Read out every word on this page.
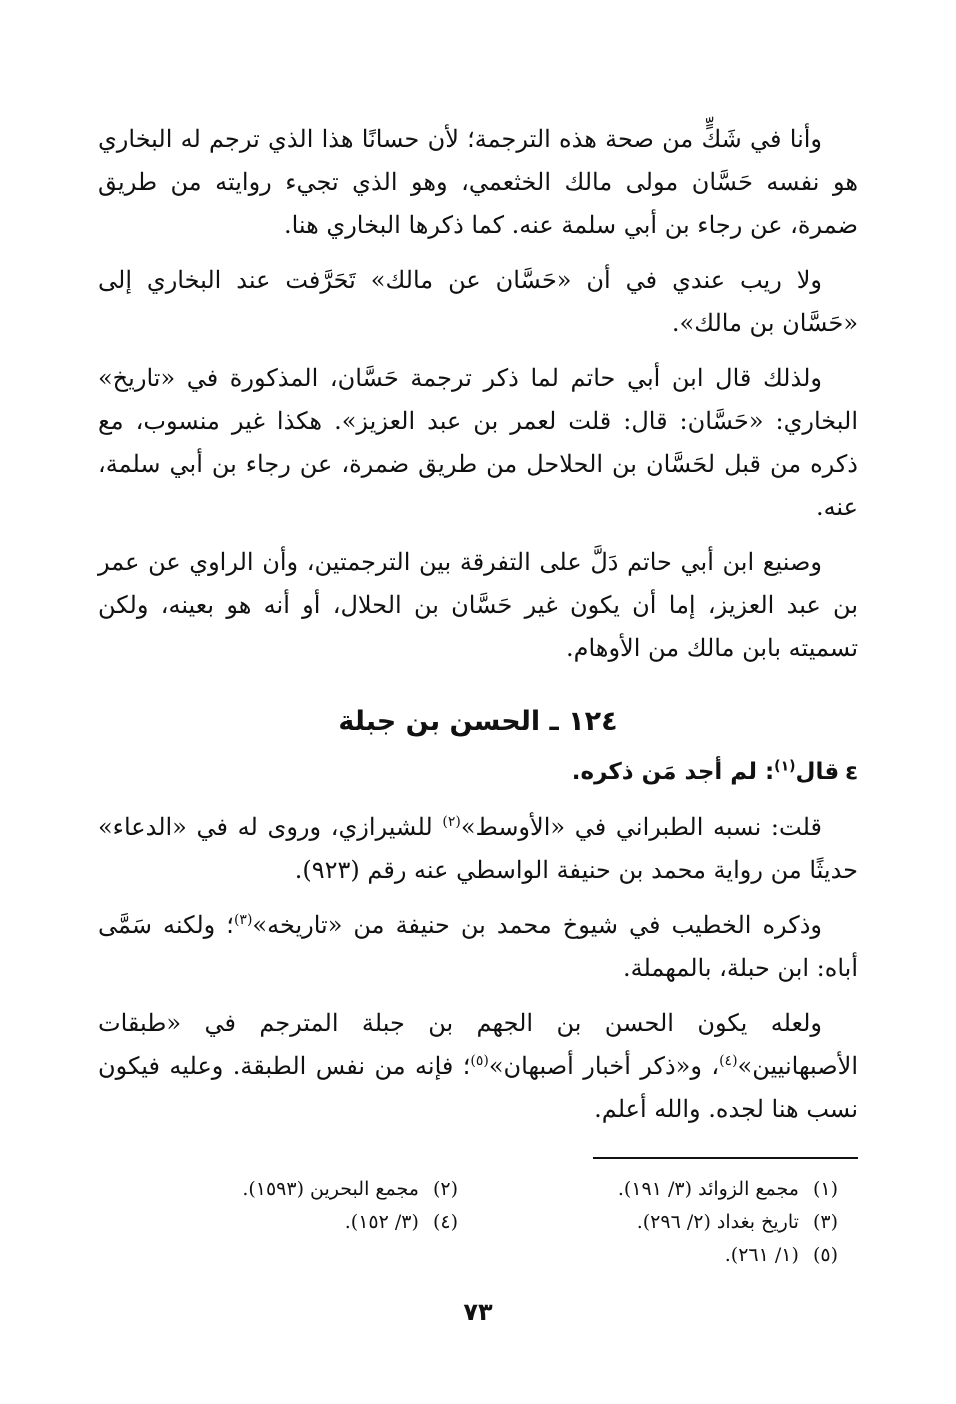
وأنا في شَكٍّ من صحة هذه الترجمة؛ لأن حسانًا هذا الذي ترجم له البخاري هو نفسه حَسَّان مولى مالك الخثعمي، وهو الذي تجيء روايته من طريق ضمرة، عن رجاء بن أبي سلمة عنه. كما ذكرها البخاري هنا.

ولا ريب عندي في أن «حَسَّان عن مالك» تَحَرَّفت عند البخاري إلى «حَسَّان بن مالك».

ولذلك قال ابن أبي حاتم لما ذكر ترجمة حَسَّان، المذكورة في «تاريخ» البخاري: «حَسَّان: قال: قلت لعمر بن عبد العزيز». هكذا غير منسوب، مع ذكره من قبل لحَسَّان بن الحلاحل من طريق ضمرة، عن رجاء بن أبي سلمة، عنه.

وصنيع ابن أبي حاتم دَلَّ على التفرقة بين الترجمتين، وأن الراوي عن عمر بن عبد العزيز، إما أن يكون غير حَسَّان بن الحلال، أو أنه هو بعينه، ولكن تسميته بابن مالك من الأوهام.

١٢٤ ـ الحسن بن جبلة
εقال$^{(١)}$: لم أجد مَن ذكره.

قلت: نسبه الطبراني في «الأوسط»$^{(٢)}$ للشيرازي، وروى له في «الدعاء» حديثًا من رواية محمد بن حنيفة الواسطي عنه رقم (٩٢٣).

وذكره الخطيب في شيوخ محمد بن حنيفة من «تاريخه»$^{(٣)}$؛ ولكنه سَمَّى أباه: ابن حبلة، بالمهملة.

ولعله يكون الحسن بن الجهم بن جبلة المترجم في «طبقات الأصبهانيين»$^{(٤)}$، و«ذكر أخبار أصبهان»$^{(٥)}$؛ فإنه من نفس الطبقة. وعليه فيكون نسب هنا لجده. والله أعلم.

(١)مجمع الزوائد (٣/ ١٩١).
(٢)مجمع البحرين (١٥٩٣).
(٣)تاريخ بغداد (٢/ ٢٩٦).
(٤)(٣/ ١٥٢).
(٥)(١/ ٢٦١).
٧٣
